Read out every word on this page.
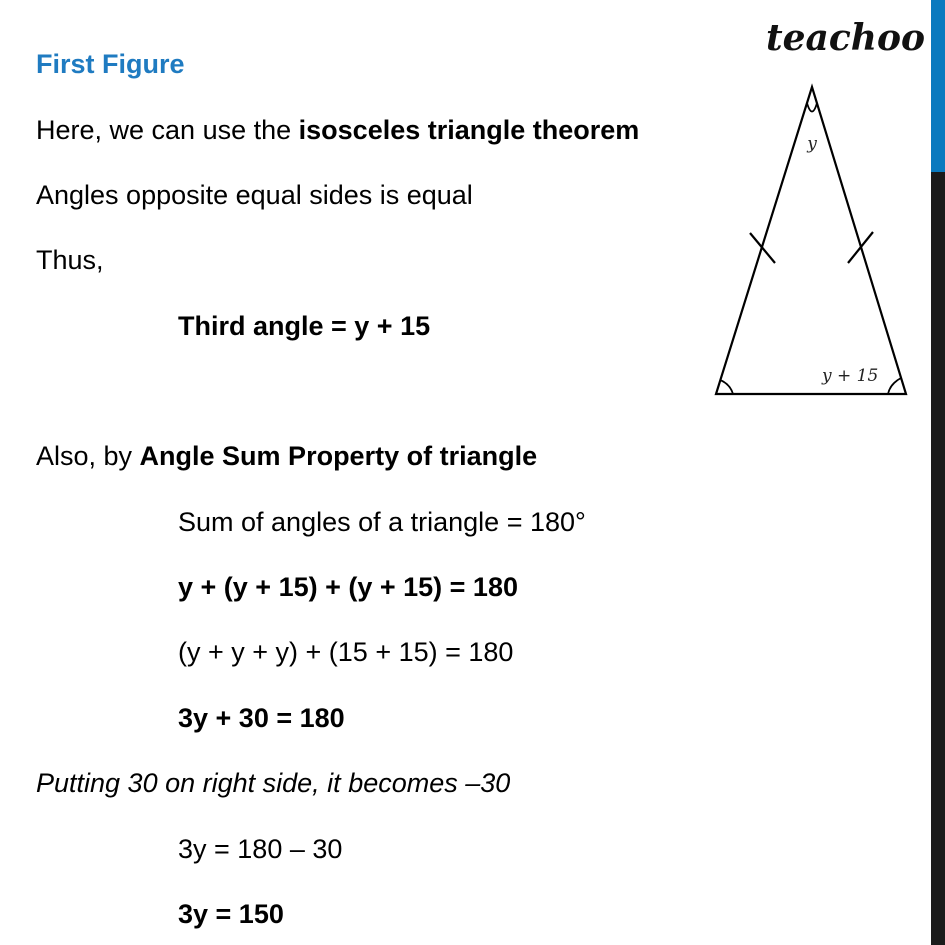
teachoo
First Figure
Here, we can use the isosceles triangle theorem
Angles opposite equal sides is equal
Thus,
Third angle = y + 15
Also, by Angle Sum Property of triangle
Sum of angles of a triangle = 180°
y + (y + 15) + (y + 15) = 180
(y + y + y) + (15 + 15) = 180
3y + 30 = 180
Putting 30 on right side, it becomes –30
3y = 180 – 30
3y = 150
y
y + 15
